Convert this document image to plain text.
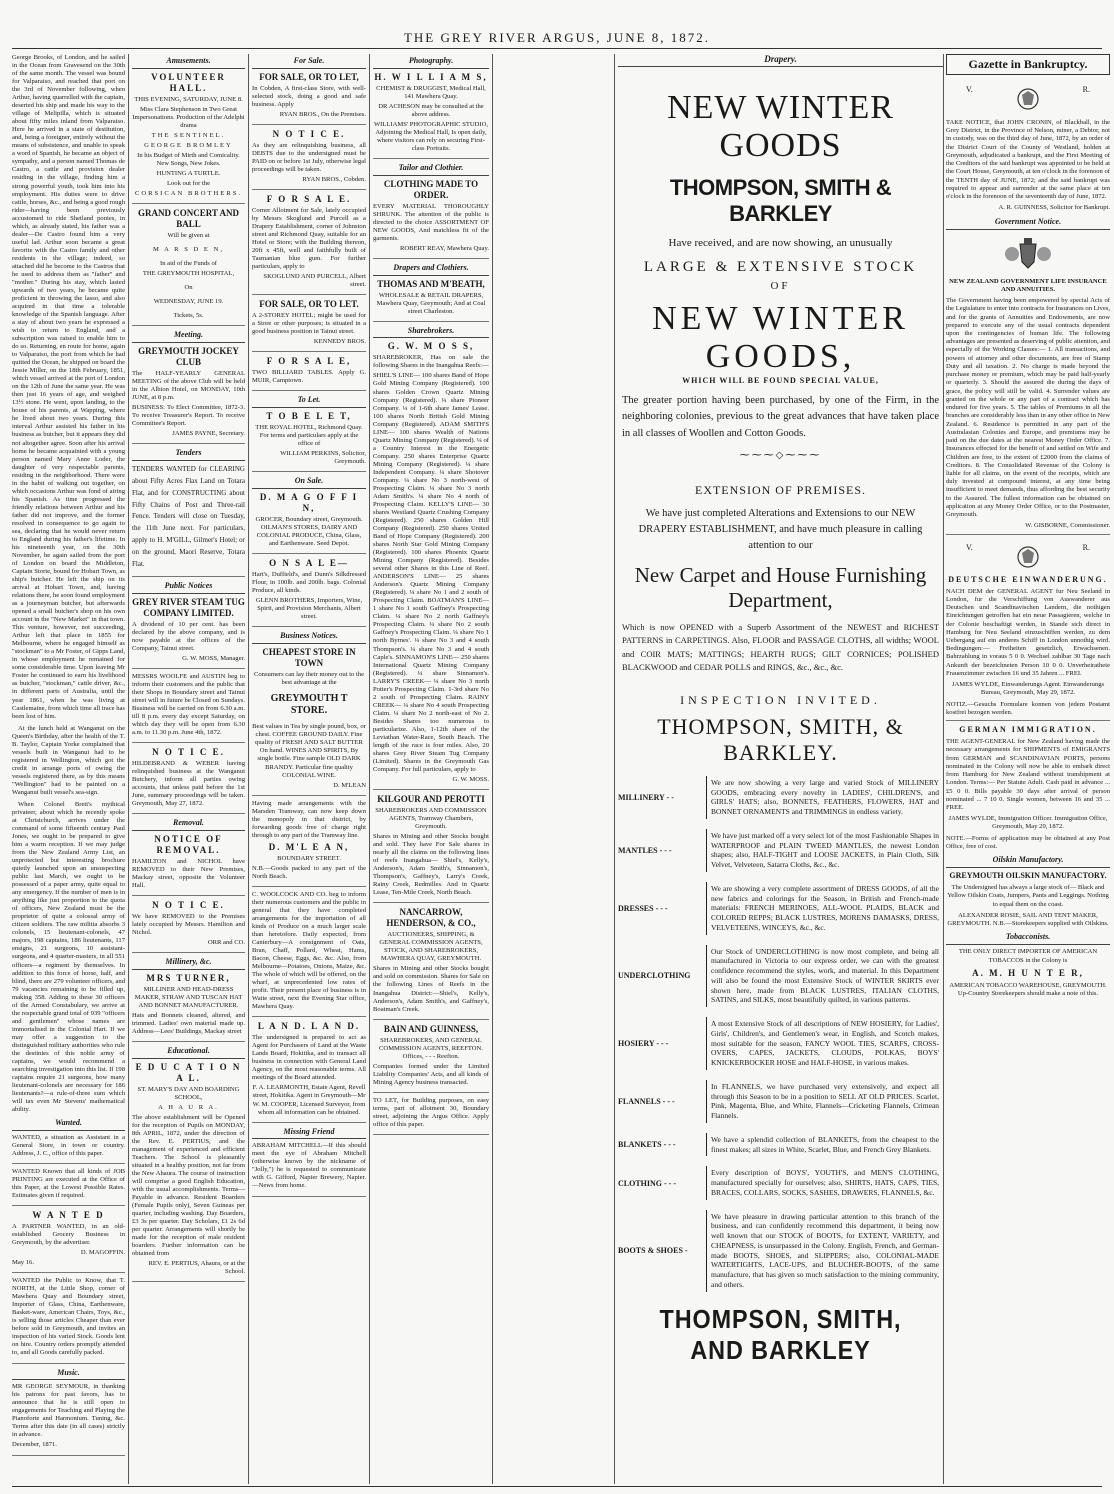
THE GREY RIVER ARGUS, JUNE 8, 1872.

George Brooks, of London, and he sailed in the Ocean from Gravesend on the 30th of the same month. The vessel was bound for Valparaiso, and reached that port on the 3rd of November following, when Arthur, having quarrelled with the captain, deserted his ship and made his way to the village of Melipilla, which is situated about fifty miles inland from Valparaiso. Here he arrived in a state of destitution, and, being a foreigner, entirely without the means of subsistence, and unable to speak a word of Spanish, he became an object of sympathy, and a person named Thomas de Castro, a cattle and provision dealer residing in the village, finding him a strong powerful youth, took him into his employment. His duties were to drive cattle, horses, &c., and being a good rough rider—having been previously accustomed to ride Shetland ponies, in which, as already stated, his father was a dealer—De Castro found him a very useful lad. Arthur soon became a great favorite with the Castro family and other residents in the village; indeed, so attached did he become to the Castros that he used to address them as "father" and "mother." During his stay, which lasted upwards of two years, he became quite proficient in throwing the lasso, and also acquired in that time a tolerable knowledge of the Spanish language. After a stay of about two years he expressed a wish to return to England, and a subscription was raised to enable him to do so. Returning, en route for home, again to Valparaiso, the port from which he had quitted the Ocean, he shipped on board the Jessie Miller, on the 18th February, 1851, which vessel arrived at the port of London on the 12th of June the same year. He was then just 16 years of age, and weighed 13½ stone. He went, upon landing, to the house of his parents, at Wapping, where he lived about two years. During this interval Arthur assisted his father in his business as butcher, but it appears they did not altogether agree. Soon after his arrival home he became acquainted with a young person named Mary Anne Loder, the daughter of very respectable parents, residing in the neighborhood. There were in the habit of walking out together, on which occasions Arthur was fond of airing his Spanish. As time progressed the friendly relations between Arthur and his father did not improve, and the former resolved in consequence to go again to sea, declaring that he would never return to England during his father's lifetime. In his nineteenth year, on the 30th November, he again sailed from the port of London on board the Middleton, Captain Storie, bound for Hobart Town, as ship's butcher. He left the ship on its arrival at Hobart Town, and, having relations there, he soon found employment as a journeyman butcher, but afterwards opened a small butcher's shop on his own account in the "New Market" in that town. This venture, however, not succeeding, Arthur left that place in 1855 for Melbourne, where he engaged himself as "stockman" to a Mr Foster, of Gipps Land, in whose employment he remained for some considerable time. Upon leaving Mr Foster he continued to earn his livelihood as butcher, "stockman," cattle driver, &c., in different parts of Australia, until the year 1861, when he was living at Castlemaine, from which time all trace has been lost of him.

At the lunch held at Wanganui on the Queen's Birthday, after the health of the T. B. Taylor, Captain Yorke complained that vessels built in Wanganui had to be registered in Wellington, which got the credit in arrange ports of owing the vessels registered there, as by this means "Wellington" had to be painted on a Wanganui built vessel's sea-sign.

When Colonel Brett's mythical privateer, about which he recently spoke at Christchurch, arrives under the command of some fifteenth century Paul Jones, we ought to be prepared to give him a warm reception. If we may judge from the New Zealand Army List, an unprotected but interesting brochure quietly launched upon an unsuspecting public last March, we ought to be possessed of a paper army, quite equal to any emergency. If the number of men is in anything like just proportion to the quota of officers, New Zealand must be the proprietor of quite a colossal army of citizen soldiers. The raw militia absorbs 3 colonels, 15 lieutenant-colonels, 47 majors, 198 captains, 186 lieutenants, 117 ensigns, 21 surgeons, 10 assistant-surgeons, and 4 quarter-masters, in all 551 officers—a regiment by themselves. In addition to this force of horse, half, and blind, there are 279 volunteer officers, and 79 vacancies remaining to be filled up, making 358. Adding to these 30 officers of the Armed Constabulary, we arrive at the respectable grand total of 939 "officers and gentlemen" whose names are immortalised in the Colonial Hart. If we may offer a suggestion to the distinguished military authorities who rule the destinies of this noble army of captains, we would recommend a searching investigation into this list. If 198 captains require 21 surgeons, how many lieutenant-colonels are necessary for 186 lieutenants?—a rule-of-three sum which will tax even Mr Stevens' mathematical ability.

Wanted.

WANTED, a situation as Assistant in a General Store, in town or country. Address, J. C., office of this paper.

WANTED Known that all kinds of JOB PRINTING are executed at the Office of this Paper, at the Lowest Possible Rates. Estimates given if required.

W A N T E D

A PARTNER WANTED, in an old-established Grocery Business in Greymouth, by the advertiser.

D. MAGOFFIN.

May 16.

WANTED the Public to Know, that T. NORTH, at the Little Shop, corner of Mawhera Quay and Boundary street, Importer of Glass, China, Earthenware, Basket-ware, American Chairs, Toys, &c., is selling those articles Cheaper than ever before sold in Greymouth, and invites an inspection of his varied Stock. Goods lent on hire. Country orders promptly attended to, and all Goods carefully packed.

Music.

MR GEORGE SEYMOUR, in thanking his patrons for past favors, has to announce that he is still open to engagements for Teaching and Playing the Pianoforte and Harmonium. Tuning, &c. Terms after this date (in all cases) strictly in advance.

December, 1871.

Amusements.

VOLUNTEER HALL.

THIS EVENING, SATURDAY, JUNE 8.

Miss Clara Stephenson in Two Great Impersonations. Production of the Adelphi drama

THE SENTINEL.

GEORGE BROMLEY

In his Budget of Mirth and Comicality. New Songs, New Jokes.

HUNTING A TURTLE.

Look out for the

CORSICAN BROTHERS.

GRAND CONCERT AND BALL

Will be given at

M A R S D E N,

In aid of the Funds of

THE GREYMOUTH HOSPITAL,

On

WEDNESDAY, JUNE 19.

Tickets, 5s.

Meeting.

GREYMOUTH JOCKEY CLUB

The HALF-YEARLY GENERAL MEETING of the above Club will be held in the Albion Hotel, on MONDAY, 10th JUNE, at 8 p.m.

BUSINESS: To Elect Committee, 1872-3. To receive Treasurer's Report. To receive Committee's Report.

JAMES PAYNE, Secretary.

Tenders

TENDERS WANTED for CLEARING about Fifty Acres Flax Land on Totara Flat, and for CONSTRUCTING about Fifty Chains of Post and Three-rail Fence. Tenders will close on Tuesday, the 11th June next. For particulars, apply to H. M'GILL, Gilmer's Hotel; or on the ground, Maori Reserve, Totara Flat.

Public Notices

GREY RIVER STEAM TUG COMPANY LIMITED.

A dividend of 10 per cent. has been declared by the above company, and is now payable at the offices of the Company, Tainui street.

G. W. MOSS, Manager.

MESSRS WOOLFE and AUSTIN beg to inform their customers and the public that their Shops in Boundary street and Tainui street will in future be Closed on Sundays. Business will be carried on from 6.30 a.m. till 8 p.m. every day except Saturday, on which day they will be open from 6.30 a.m. to 11.30 p.m. June 4th, 1872.

N O T I C E.

HILDEBRAND & WEBER having relinquished business at the Wanganui Butchery, inform all parties owing accounts, that unless paid before the 1st June, summary proceedings will be taken. Greymouth, May 27, 1872.

Removal.

NOTICE OF REMOVAL.

HAMILTON and NICHOL have REMOVED to their New Premises, Mackay street, opposite the Volunteer Hall.

N O T I C E.

We have REMOVED to the Premises lately occupied by Messrs. Hamilton and Nichol.

ORR and CO.

Millinery, &c.

MRS TURNER,

MILLINER AND HEAD-DRESS MAKER, STRAW AND TUSCAN HAT AND BONNET MANUFACTURER.

Hats and Bonnets cleaned, altered, and trimmed. Ladies' own material made up. Address—Lees' Buildings, Mackay street

Educational.

E D U C A T I O N A L.

ST. MARY'S DAY AND BOARDING SCHOOL,

A H A U R A.

The above establishment will be Opened for the reception of Pupils on MONDAY, 8th APRIL, 1872, under the direction of the Rev. E. PERTIUS, and the management of experienced and efficient Teachers. The School is pleasantly situated in a healthy position, not far from the New Ahaura. The course of instruction will comprise a good English Education, with the usual accomplishments. Terms—Payable in advance. Resident Boarders (Female Pupils only), Seven Guineas per quarter, including washing. Day Boarders, £3 3s per quarter. Day Scholars, £1 2s 6d per quarter. Arrangements will shortly be made for the reception of male resident boarders. Further information can be obtained from

REV. E. PERTIUS, Ahaura, or at the School.

For Sale.

FOR SALE, OR TO LET,

In Cobden, A first-class Store, with well-selected stock, doing a good and safe business. Apply

RYAN BROS., On the Premises.

N O T I C E.

As they are relinquishing business, all DEBTS due to the undersigned must be PAID on or before 1st July, otherwise legal proceedings will be taken.

RYAN BROS., Cobden.

F O R S A L E.

Corner Allotment for Sale, lately occupied by Messrs Skoglund and Purcell as a Drapery Establishment, corner of Johnston street and Richmond Quay, suitable for an Hotel or Store; with the Building thereon, 20ft x 45ft, well and faithfully built of Tasmanian blue gum. For further particulars, apply to

SKOGLUND AND PURCELL, Albert street.

FOR SALE, OR TO LET.

A 2-STOREY HOTEL; might be used for a Store or other purposes; is situated in a good business position in Tainui street.

KENNEDY BROS.

F O R S A L E,

TWO BILLIARD TABLES. Apply G. MUIR, Camptown.

To Let.

T O B E L E T,

THE ROYAL HOTEL, Richmond Quay. For terms and particulars apply at the office of

WILLIAM PERKINS, Solicitor, Greymouth.

On Sale.

D. M A G O F F I N,

GROCER, Boundary street, Greymouth. OILMAN'S STORES, DAIRY AND COLONIAL PRODUCE, China, Glass, and Earthenware. Seed Depot.

O N S A L E—

Hart's, Duffield's, and Dunn's Silkdressed Flour, in 100lb. and 200lb. bags. Colonial Produce, all kinds.

GLENN BROTHERS, Importers, Wine, Spirit, and Provision Merchants, Albert street.

Business Notices.

CHEAPEST STORE IN TOWN

Consumers can lay their money out to the best advantage at the

GREYMOUTH T STORE.

Best values in Tea by single pound, box, or chest. COFFEE GROUND DAILY. Fine quality of FRESH AND SALT BUTTER On hand. WINES AND SPIRITS, By single bottle. Fine sample OLD DARK BRANDY. Particular fine quality COLONIAL WINE.

D. M'LEAN

Having made arrangements with the Marsden Tramway, can now keep down the monopoly in that district, by forwarding goods free of charge right through to any part of the Tramway line.

D. M'L E A N,

BOUNDARY STREET.

N.B.—Goods packed to any part of the North Beach.

C. WOOLCOCK AND CO. beg to inform their numerous customers and the public in general that they have completed arrangements for the importation of all kinds of Produce on a much larger scale than heretofore. Daily expected, from Canterbury—A consignment of Oats, Bran, Chaff, Pollard, Wheat, Hams, Bacon, Cheese, Eggs, &c. &c. Also, from Melbourne—Potatoes, Onions, Maize, &c. The whole of which will be offered, on the wharf, at unprecedented low rates of profit. Their present place of business is in Waite street, next the Evening Star office, Mawhera Quay.

L A N D. L A N D.

The undersigned is prepared to act as Agent for Purchasers of Land at the Waste Lands Board, Hokitika, and to transact all business in connection with General Land Agency, on the most reasonable terms. All meetings of the Board attended.

F. A. LEARMONTH, Estate Agent, Revell street, Hokitika. Agent in Greymouth—Mr W. M. COOPER, Licensed Surveyor, from whom all information can be obtained.

Missing Friend

ABRAHAM MITCHELL—If this should meet the eye of Abraham Mitchell (otherwise known by the nickname of "Jolly,") he is requested to communicate with G. Gifford, Napier Brewery, Napier.—News from home.

Photography.

H. W I L L I A M S,

CHEMIST & DRUGGIST, Medical Hall, 141 Mawhera Quay.

DR ACHESON may be consulted at the above address.

WILLIAMS' PHOTOGRAPHIC STUDIO, Adjoining the Medical Hall, Is open daily, where visitors can rely on securing First-class Portraits.

Tailor and Clothier.

CLOTHING MADE TO ORDER.

EVERY MATERIAL THOROUGHLY SHRUNK. The attention of the public is directed to the choice ASSORTMENT OF NEW GOODS, And matchless fit of the garments.

ROBERT REAY, Mawhera Quay.

Drapers and Clothiers.

THOMAS AND M'BEATH,

WHOLESALE & RETAIL DRAPERS, Mawhera Quay, Greymouth; And at Coal street Charleston.

Sharebrokers.

G. W. M O S S,

SHAREBROKER, Has on sale the following Shares in the Inangahua Reefs:—

SHIEL'S LINE— 100 shares Band of Hope Gold Mining Company (Registered). 100 shares Golden Crown Quartz Mining Company (Registered). ¼ share Pioneer Company. ¼ of 1-6th share James' Lease. 100 shares North British Gold Mining Company (Registered). ADAM SMITH'S LINE— 100 shares Wealth of Nations Quartz Mining Company (Registered). ¼ of a Country Interest in the Energetic Company. 250 shares Enterprise Quartz Mining Company (Registered). ¼ share Independent Company. ¼ share Shotover Company. ¼ share No 3 north-west of Prospecting Claim. ¼ share No 3 north Adam Smith's. ¼ share No 4 north of Prospecting Claim. KELLY'S LINE— 30 shares Westland Quartz Crushing Company (Registered). 250 shares Golden Hill Company (Registered). 250 shares United Band of Hope Company (Registered). 200 shares North Star Gold Mining Company (Registered). 100 shares Phoenix Quartz Mining Company (Registered). Besides several other Shares in this Line of Reef. ANDERSON'S LINE— 25 shares Anderson's Quartz Mining Company (Registered). ¼ share No 1 and 2 south of Prospecting Claim. BOATMAN'S LINE— 1 share No 1 south Gaffney's Prospecting Claim. ¼ share No 2 north Gaffney's Prospecting Claim. ¼ share No 2 south Gaffney's Prospecting Claim. ¼ share No 1 north Byrnes'. ¼ share No 3 and 4 south Thompson's. ¼ share No 3 and 4 south Caple's. SINNAMON'S LINE— 250 shares International Quartz Mining Company (Registered). ¼ share Sinnamon's. LARRY'S CREEK— ¼ share No 3 north Potter's Prospecting Claim. 1-3rd share No 2 south of Prospecting Claim. RAINY CREEK— ¼ share No 4 south Prospecting Claim. ¼ share No 2 north-east of No 2. Besides Shares too numerous to particularize. Also, 1-12th share of the Leviathan Water-Race, South Beach. The length of the race is four miles. Also, 20 shares Grey River Steam Tug Company (Limited). Shares in the Greymouth Gas Company. For full particulars, apply to

G. W. MOSS.

KILGOUR AND PEROTTI

SHAREBROKERS AND COMMISSION AGENTS, Tramway Chambers, Greymouth.

Shares in Mining and other Stocks bought and sold. They have For Sale shares in nearly all the claims on the following lines of reefs Inangahua— Shiel's, Kelly's, Anderson's, Adam Smith's, Sinnamon's, Thompson's, Gaffney's, Larry's Creek, Rainy Creek, Redmilles. And in Quartz Lease, Ten-Mile Creek, North Beach.

NANCARROW, HENDERSON, & CO.,

AUCTIONEERS, SHIPPING, & GENERAL COMMISSION AGENTS, STOCK, AND SHAREBROKERS, MAWHERA QUAY, GREYMOUTH.

Shares in Mining and other Stocks bought and sold on commission. Shares for Sale on the following Lines of Reefs in the Inangahua District:—Shiel's, Kelly's, Anderson's, Adam Smith's, and Gaffney's, Boatman's Creek.

BAIN AND GUINNESS,

SHAREBROKERS, AND GENERAL COMMISSION AGENTS, REEFTON. Offices, - - - Reefton.

Companies formed under the Limited Liability Companies' Acts, and all kinds of Mining Agency business transacted.

TO LET, for Building purposes, on easy terms, part of allotment 30, Boundary street, adjoining the Argus Office. Apply office of this paper.

Drapery.
NEW WINTER GOODS
THOMPSON, SMITH & BARKLEY
Have received, and are now showing, an unusually
LARGE & EXTENSIVE STOCK
OF
NEW WINTER GOODS,
WHICH WILL BE FOUND SPECIAL VALUE,
The greater portion having been purchased, by one of the Firm, in the neighboring colonies, previous to the great advances that have taken place in all classes of Woollen and Cotton Goods.
⁓⁓⁓◇⁓⁓⁓
EXTENSION OF PREMISES.
We have just completed Alterations and Extensions to our NEW DRAPERY ESTABLISHMENT, and have much pleasure in calling attention to our
New Carpet and House Furnishing Department,
Which is now OPENED with a Superb Assortment of the NEWEST and RICHEST PATTERNS in CARPETINGS. Also, FLOOR and PASSAGE CLOTHS, all widths; WOOL and COIR MATS; MATTINGS; HEARTH RUGS; GILT CORNICES; POLISHED BLACKWOOD and CEDAR POLLS and RINGS, &c., &c., &c.
INSPECTION INVITED.
THOMPSON, SMITH, & BARKLEY.
MILLINERY - -
We are now showing a very large and varied Stock of MILLINERY GOODS, embracing every novelty in LADIES', CHILDREN'S, and GIRLS' HATS; also, BONNETS, FEATHERS, FLOWERS, HAT and BONNET ORNAMENTS and TRIMMINGS in endless variety.
MANTLES - - -
We have just marked off a very select lot of the most Fashionable Shapes in WATERPROOF and PLAIN TWEED MANTLES, the newest London shapes; also, HALF-TIGHT and LOOSE JACKETS, in Plain Cloth, Silk Velvet, Velveteen, Satarra Cloths, &c., &c.
DRESSES - - -
We are showing a very complete assortment of DRESS GOODS, of all the new fabrics and colorings for the Season, in British and French-made materials: FRENCH MERINOES, ALL-WOOL PLAIDS, BLACK and COLORED REPPS; BLACK LUSTRES, MORENS DAMASKS, DRESS, VELVETEENS, WINCEYS, &c., &c.
UNDERCLOTHING
Our Stock of UNDERCLOTHING is now most complete, and being all manufactured in Victoria to our express order, we can with the greatest confidence recommend the styles, work, and material. In this Department will also be found the most Extensive Stock of WINTER SKIRTS ever shown here, made from BLACK LUSTRES, ITALIAN CLOTHS, SATINS, and SILKS, most beautifully quilted, in various patterns.
HOSIERY - - -
A most Extensive Stock of all descriptions of NEW HOSIERY, for Ladies', Girls', Children's, and Gentlemen's wear, in English, and Scotch makes, most suitable for the season, FANCY WOOL TIES, SCARFS, CROSS-OVERS, CAPES, JACKETS, CLOUDS, POLKAS, BOYS' KNICKERBOCKER HOSE and HALF-HOSE, in various makes.
FLANNELS - - -
In FLANNELS, we have purchased very extensively, and expect all through this Season to be in a position to SELL AT OLD PRICES. Scarlet, Pink, Magenta, Blue, and White, Flannels—Cricketing Flannels, Crimean Flannels.
BLANKETS - - -
We have a splendid collection of BLANKETS, from the cheapest to the finest makes; all sizes in White, Scarlet, Blue, and French Grey Blankets.
CLOTHING - - -
Every description of BOYS', YOUTH'S, and MEN'S CLOTHING, manufactured specially for ourselves; also, SHIRTS, HATS, CAPS, TIES, BRACES, COLLARS, SOCKS, SASHES, DRAWERS, FLANNELS, &c.
BOOTS & SHOES -
We have pleasure in drawing particular attention to this branch of the business, and can confidently recommend this department, it being now well known that our STOCK of BOOTS, for EXTENT, VARIETY, and CHEAPNESS, is unsurpassed in the Colony. English, French, and German-made BOOTS, SHOES, and SLIPPERS; also, COLONIAL-MADE WATERTIGHTS, LACE-UPS, and BLUCHER-BOOTS, of the same manufacture, that has given so much satisfaction to the mining community, and others.
THOMPSON, SMITH, AND BARKLEY
Gazette in Bankruptcy.
V.	R.

TAKE NOTICE, that JOHN CRONIN, of Blackball, in the Grey District, in the Province of Nelson, miner, a Debtor, not in custody, was on the third day of June, 1872, by an order of the District Court of the County of Westland, holden at Greymouth, adjudicated a bankrupt, and the First Meeting of the Creditors of the said bankrupt was appointed to be held at the Court House, Greymouth, at ten o'clock in the forenoon of the TENTH day of JUNE, 1872; and the said bankrupt was required to appear and surrender at the same place at ten o'clock in the forenoon of the seventeenth day of June, 1872.

A. R. GUINNESS, Solicitor for Bankrupt.

Government Notice.

NEW ZEALAND GOVERNMENT LIFE INSURANCE AND ANNUITIES.

The Government having been empowered by special Acts of the Legislature to enter into contracts for Insurances on Lives, and for the grants of Annuities and Endowments, are now prepared to execute any of the usual contracts dependent upon the contingencies of human life. The following advantages are presented as deserving of public attention, and especially of the Working Classes:— 1. All transactions, and powers of attorney and other documents, are free of Stamp Duty and all taxation. 2. No charge is made beyond the purchase money or premium, which may be paid half-yearly or quarterly. 3. Should the assured die during the days of grace, the policy will still be valid. 4. Surrender values are granted on the whole or any part of a contract which has endured for five years. 5. The tables of Premiums in all the branches are considerably less than in any other office in New Zealand. 6. Residence is permitted in any part of the Australasian Colonies and Europe, and premiums may be paid on the due dates at the nearest Money Order Office. 7. Insurances effected for the benefit of and settled on Wife and Children are free, to the extent of £2000 from the claims of Creditors. 8. The Consolidated Revenue of the Colony is liable for all claims, on the event of the receipts, which are duly invested at compound interest, at any time being insufficient to meet demands, thus affording the best security to the Assured. The fullest information can be obtained on application at any Money Order Office, or to the Postmaster, Greymouth.

W. GISBORNE, Commissioner.

V.	R.

DEUTSCHE EINWANDERUNG.

NACH DEM der GENERAL AGENT fur Neu Seeland in London, fur die Verschiffung von Auswanderer aus Deutschen und Scandinavischen Landern, die nothigen Einrichtungen getroffen hat ein neue Passagieren, welche in der Colonie beschaftigt werden, in Stande sich direct in Hamburg fur Neu Seeland einzuschiffen werden, zu dem Uebergang auf ein anderes Schiff in London unnothig wird. Bedingungen:— Freiheiten gesetzlich, Erwachsenen. Bahrzahlung in voraus 5 0 0. Wechsel zahlbar 30 Tage nach Ankunft der bezeichneten Person 10 0 0. Unverheirathete Frauenzimmer zwischen 16 und 35 Jahren ... FREI.

JAMES WYLDE, Einwanderungs Agent. Einwanderungs Bureau, Greymouth, May 29, 1872.

NOTIZ.—Gesuchs Formulare konnen von jedem Postamt kostfrei bezogen werden.

GERMAN IMMIGRATION.

THE AGENT-GENERAL for New Zealand having made the necessary arrangements for SHIPMENTS of EMIGRANTS from GERMAN and SCANDINAVIAN PORTS, persons nominated in the Colony will now be able to embark direct from Hamburg for New Zealand without transhipment at London. Terms:— Per Statute Adult. Cash paid in advance ... £5 0 0. Bills payable 30 days after arrival of person nominated ... 7 10 0. Single women, between 16 and 35 ... FREE.

JAMES WYLDE, Immigration Officer. Immigration Office, Greymouth, May 29, 1872.

NOTE.—Forms of application may be obtained at any Post Office, free of cost.

Oilskin Manufactory.

GREYMOUTH OILSKIN MANUFACTORY.

The Undersigned has always a large stock of— Black and Yellow Oilskin Coats, Jumpers, Pants and Leggings. Nothing to equal them on the coast.

ALEXANDER ROSIE, SAIL AND TENT MAKER, GREYMOUTH. N.B.—Storekeepers supplied with Oilskins.

Tobacconists.

THE ONLY DIRECT IMPORTER OF AMERICAN TOBACCOS in the Colony is

A. M. H U N T E R,

AMERICAN TOBACCO WAREHOUSE, GREYMOUTH. Up-Country Storekeepers should make a note of this.
